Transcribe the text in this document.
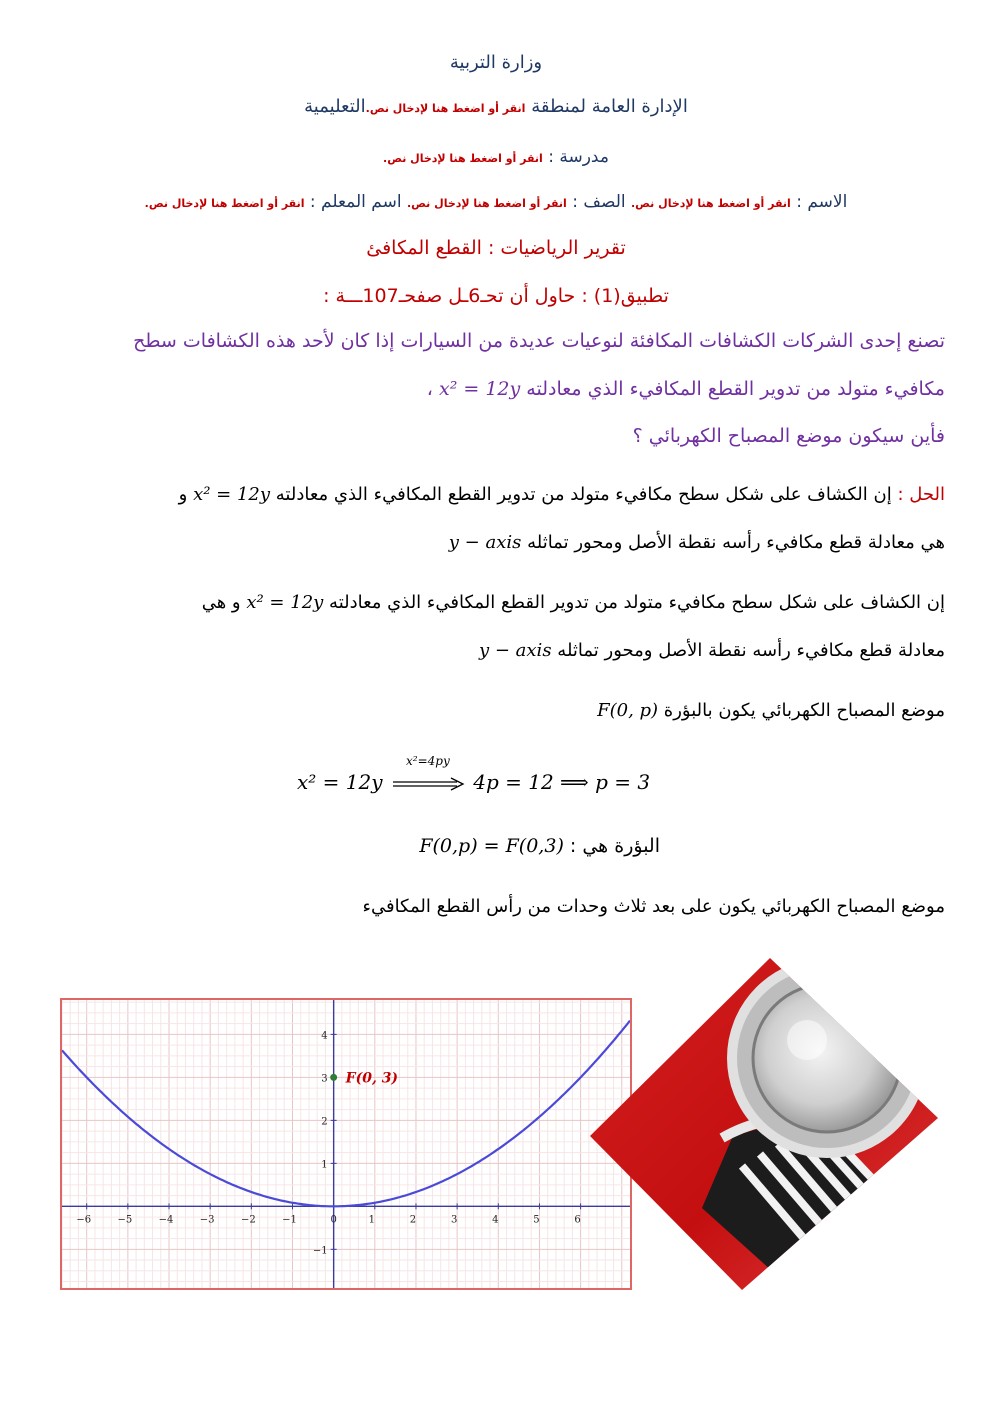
وزارة التربية
الإدارة العامة لمنطقة انقر أو اضغط هنا لإدخال نص.التعليمية
مدرسة : انقر أو اضغط هنا لإدخال نص.
الاسم : انقر أو اضغط هنا لإدخال نص. الصف : انقر أو اضغط هنا لإدخال نص. اسم المعلم : انقر أو اضغط هنا لإدخال نص.
تقرير الرياضيات : القطع المكافئ
تطبيق(1) : حاول أن تحـ6ـل صفحـ107ـــة :
تصنع إحدى الشركات الكشافات المكافئة لنوعيات عديدة من السيارات إذا كان لأحد هذه الكشافات سطح
مكافيء متولد من تدوير القطع المكافيء الذي معادلته x² = 12y ،
فأين سيكون موضع المصباح الكهربائي ؟
الحل : إن الكشاف على شكل سطح مكافيء متولد من تدوير القطع المكافيء الذي معادلته x² = 12y و
هي معادلة قطع مكافيء رأسه نقطة الأصل ومحور تماثله y − axis
إن الكشاف على شكل سطح مكافيء متولد من تدوير القطع المكافيء الذي معادلته x² = 12y و هي
معادلة قطع مكافيء رأسه نقطة الأصل ومحور تماثله y − axis
موضع المصباح الكهربائي يكون بالبؤرة F(0, p)
x² = 12y
x²=4py
4p = 12 ⟹ p = 3
البؤرة هي : F(0,p) = F(0,3)
موضع المصباح الكهربائي يكون على بعد ثلاث وحدات من رأس القطع المكافيء
−6	−5	−4	−3	−2	−1	0	1	2	3	4	5	6
4
3
2
1
−1
F(0, 3)
